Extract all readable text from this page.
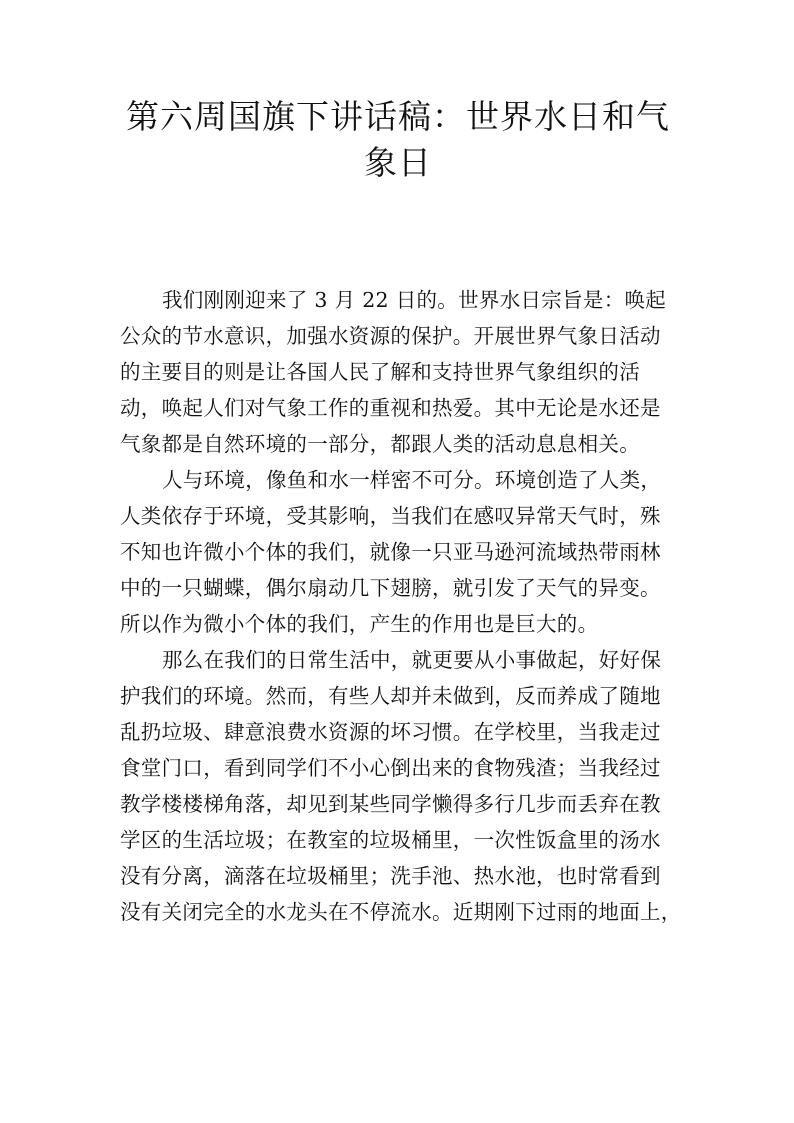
第六周国旗下讲话稿：世界水日和气象日
我们刚刚迎来了 3 月 22 日的。世界水日宗旨是：唤起
公众的节水意识，加强水资源的保护。开展世界气象日活动
的主要目的则是让各国人民了解和支持世界气象组织的活
动，唤起人们对气象工作的重视和热爱。其中无论是水还是
气象都是自然环境的一部分，都跟人类的活动息息相关。
人与环境，像鱼和水一样密不可分。环境创造了人类，
人类依存于环境，受其影响，当我们在感叹异常天气时，殊
不知也许微小个体的我们，就像一只亚马逊河流域热带雨林
中的一只蝴蝶，偶尔扇动几下翅膀，就引发了天气的异变。
所以作为微小个体的我们，产生的作用也是巨大的。
那么在我们的日常生活中，就更要从小事做起，好好保
护我们的环境。然而，有些人却并未做到，反而养成了随地
乱扔垃圾、肆意浪费水资源的坏习惯。在学校里，当我走过
食堂门口，看到同学们不小心倒出来的食物残渣；当我经过
教学楼楼梯角落，却见到某些同学懒得多行几步而丢弃在教
学区的生活垃圾；在教室的垃圾桶里，一次性饭盒里的汤水
没有分离，滴落在垃圾桶里；洗手池、热水池，也时常看到
没有关闭完全的水龙头在不停流水。近期刚下过雨的地面上，
